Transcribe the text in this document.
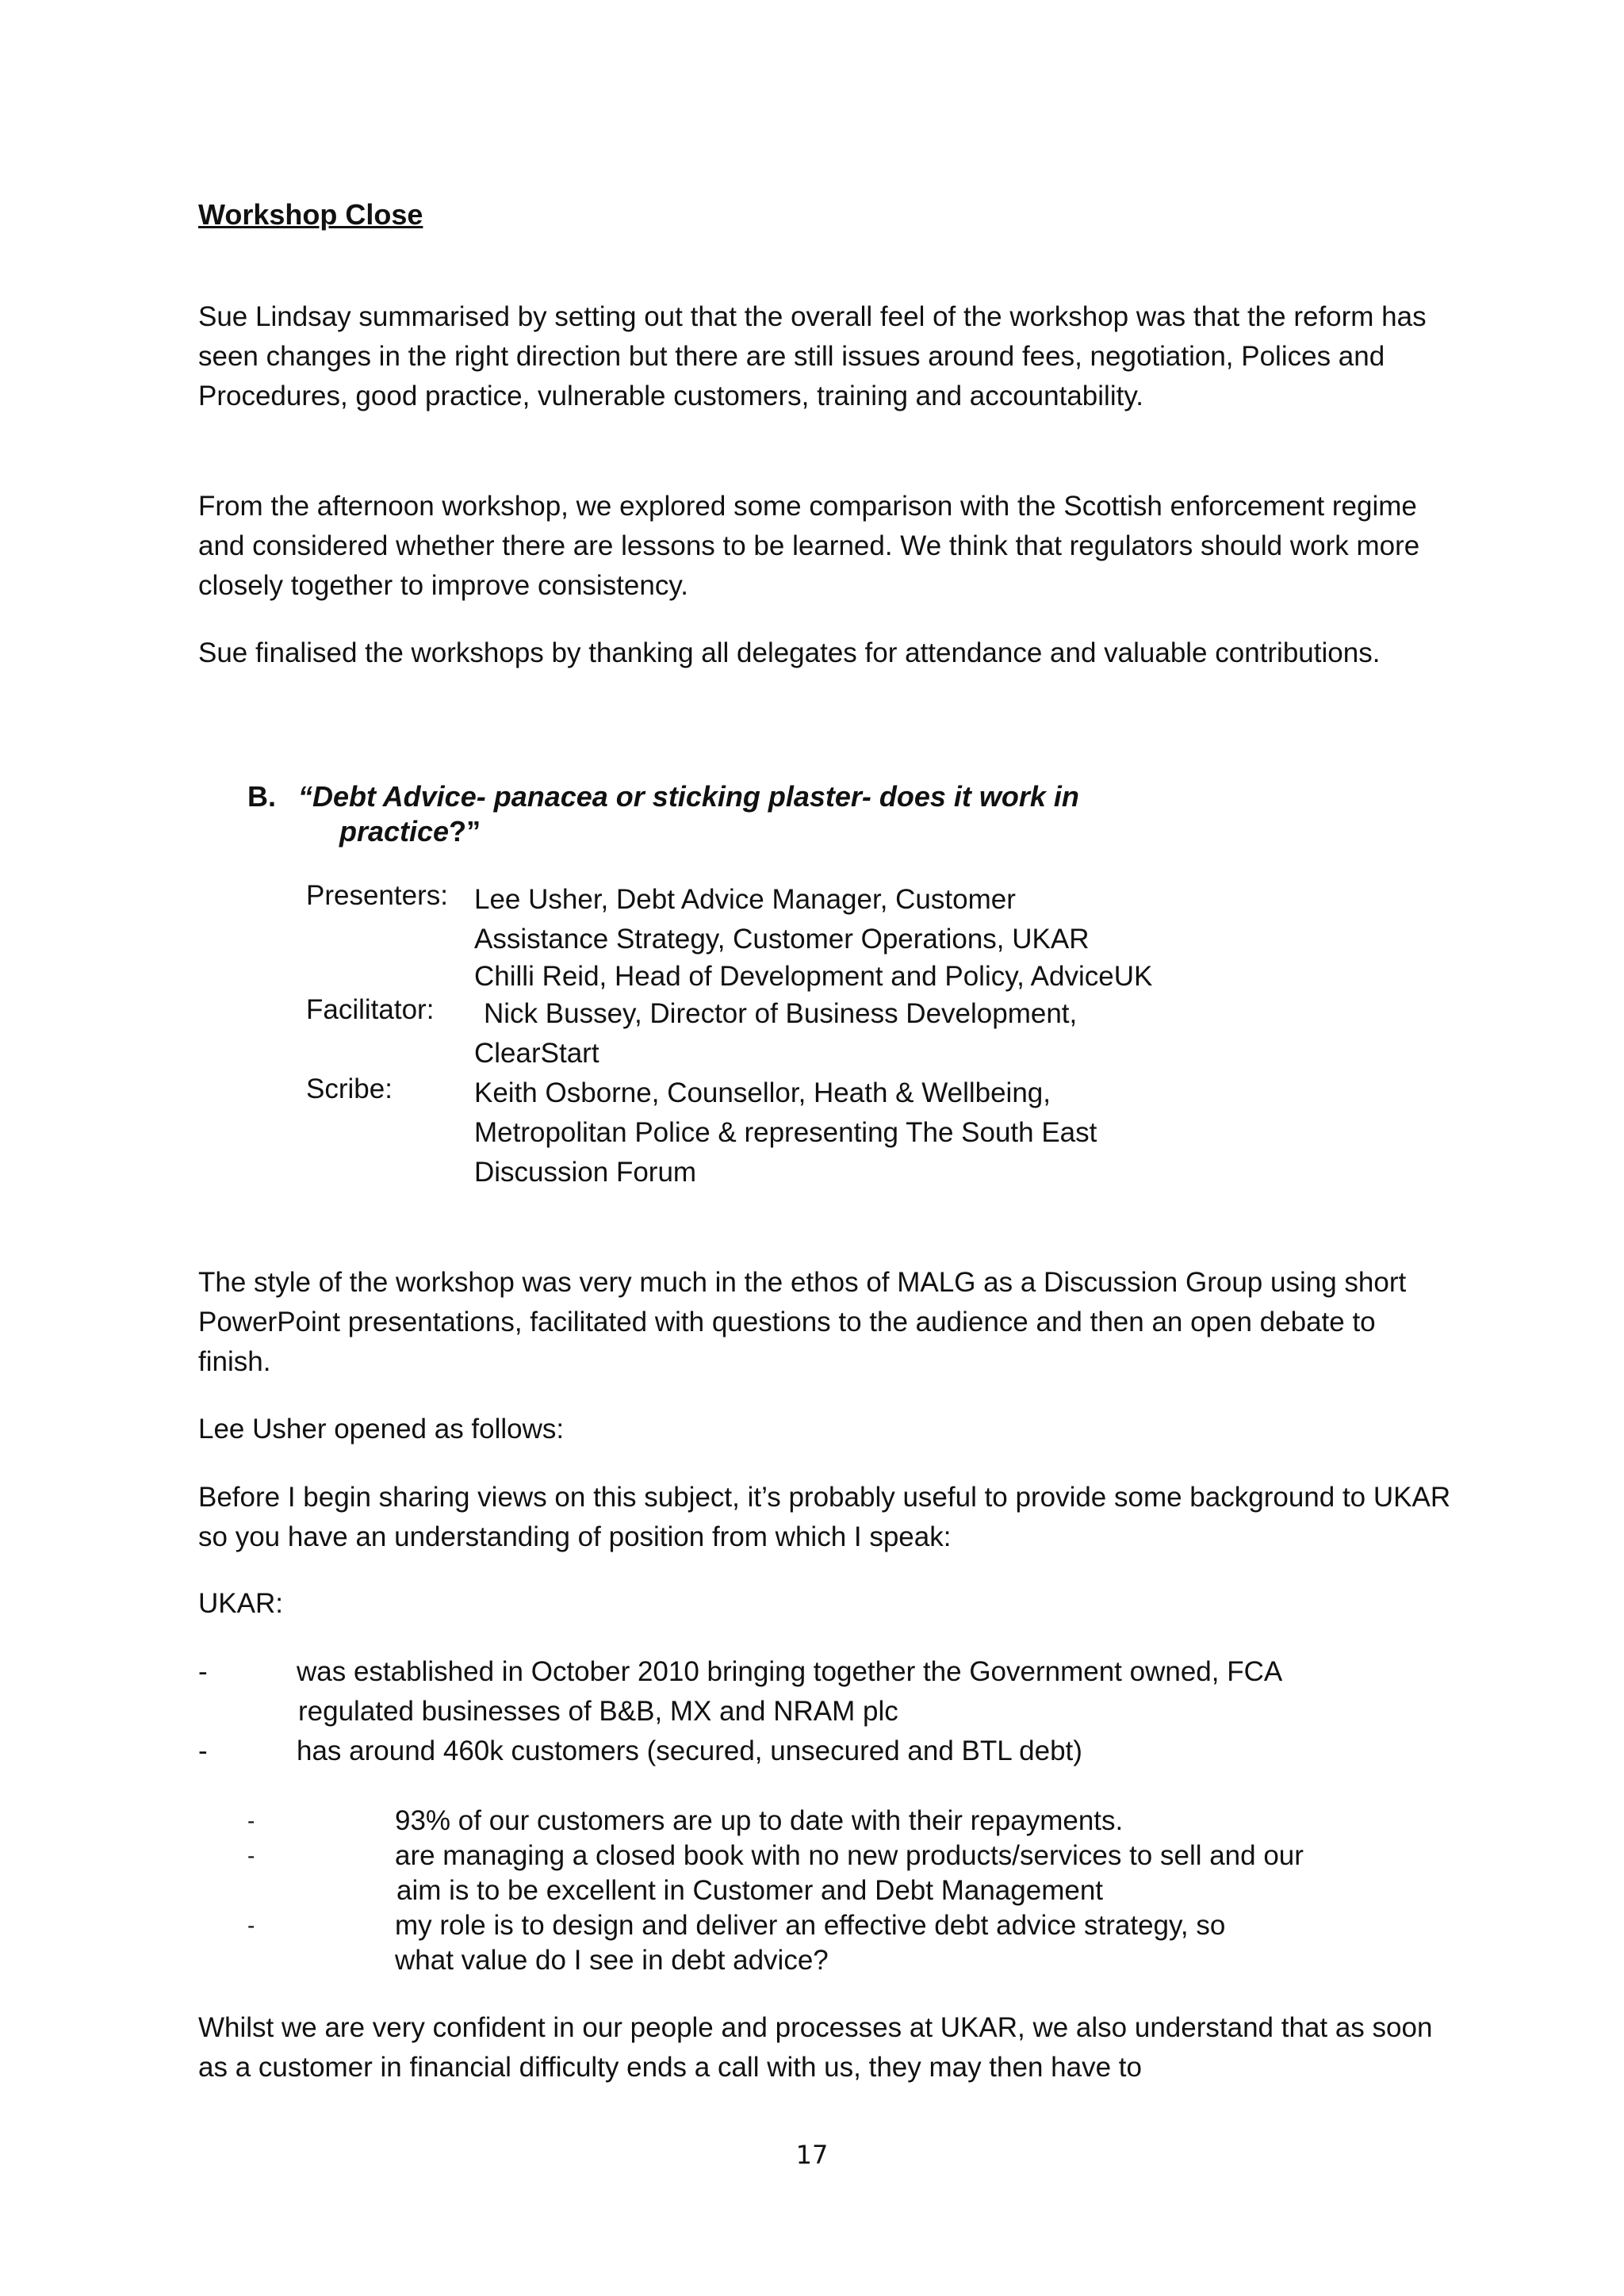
Workshop Close

Sue Lindsay summarised by setting out that the overall feel of the workshop was that the reform has seen changes in the right direction but there are still issues around fees, negotiation, Polices and Procedures, good practice, vulnerable customers, training and accountability.

From the afternoon workshop, we explored some comparison with the Scottish enforcement regime and considered whether there are lessons to be learned. We think that regulators should work more closely together to improve consistency.

Sue finalised the workshops by thanking all delegates for attendance and valuable contributions.

B. “Debt Advice- panacea or sticking plaster- does it work in
practice?”
Presenters: Lee Usher, Debt Advice Manager, Customer
Assistance Strategy, Customer Operations, UKAR
Chilli Reid, Head of Development and Policy, AdviceUK
Facilitator: Nick Bussey, Director of Business Development,
ClearStart
Scribe:	Keith Osborne, Counsellor, Heath & Wellbeing,
Metropolitan Police & representing The South East
Discussion Forum

The style of the workshop was very much in the ethos of MALG as a Discussion Group using short PowerPoint presentations, facilitated with questions to the audience and then an open debate to finish.

Lee Usher opened as follows:

Before I begin sharing views on this subject, it’s probably useful to provide some background to UKAR so you have an understanding of position from which I speak:

UKAR:

-	was established in October 2010 bringing together the Government owned, FCA
regulated businesses of B&B, MX and NRAM plc
-	has around 460k customers (secured, unsecured and BTL debt)
-	93% of our customers are up to date with their repayments.
-	are managing a closed book with no new products/services to sell and our
aim is to be excellent in Customer and Debt Management
-	my role is to design and deliver an effective debt advice strategy, so
what value do I see in debt advice?

Whilst we are very confident in our people and processes at UKAR, we also understand that as soon as a customer in financial difficulty ends a call with us, they may then have to

17
